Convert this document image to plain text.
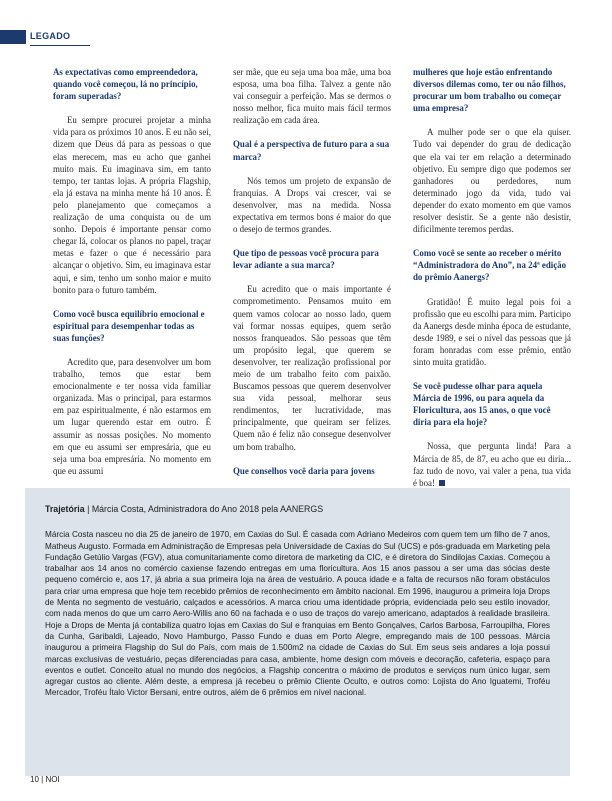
LEGADO

As expectativas como empreendedora, quando você começou, lá no princípio, foram superadas?

Eu sempre procurei projetar a minha vida para os próximos 10 anos. E eu não sei, dizem que Deus dá para as pessoas o que elas merecem, mas eu acho que ganhei muito mais. Eu imaginava sim, em tanto tempo, ter tantas lojas. A própria Flagship, ela já estava na minha mente há 10 anos. É pelo planejamento que começamos a realização de uma conquista ou de um sonho. Depois é importante pensar como chegar lá, colocar os planos no papel, traçar metas e fazer o que é necessário para alcançar o objetivo. Sim, eu imaginava estar aqui, e sim, tenho um sonho maior e muito bonito para o futuro também.

Como você busca equilíbrio emocional e espiritual para desempenhar todas as suas funções?

Acredito que, para desenvolver um bom trabalho, temos que estar bem emocionalmente e ter nossa vida familiar organizada. Mas o principal, para estarmos em paz espiritualmente, é não estarmos em um lugar querendo estar em outro. É assumir as nossas posições. No momento em que eu assumi ser empresária, que eu seja uma boa empresária. No momento em que eu assumi

ser mãe, que eu seja uma boa mãe, uma boa esposa, uma boa filha. Talvez a gente não vai conseguir a perfeição. Mas se dermos o nosso melhor, fica muito mais fácil termos realização em cada área.

Qual é a perspectiva de futuro para a sua marca?

Nós temos um projeto de expansão de franquias. A Drops vai crescer, vai se desenvolver, mas na medida. Nossa expectativa em termos bons é maior do que o desejo de termos grandes.

Que tipo de pessoas você procura para levar adiante a sua marca?

Eu acredito que o mais importante é comprometimento. Pensamos muito em quem vamos colocar ao nosso lado, quem vai formar nossas equipes, quem serão nossos franqueados. São pessoas que têm um propósito legal, que querem se desenvolver, ter realização profissional por meio de um trabalho feito com paixão. Buscamos pessoas que querem desenvolver sua vida pessoal, melhorar seus rendimentos, ter lucratividade, mas principalmente, que queiram ser felizes. Quem não é feliz não consegue desenvolver um bom trabalho.

Que conselhos você daria para jovens

mulheres que hoje estão enfrentando diversos dilemas como, ter ou não filhos, procurar um bom trabalho ou começar uma empresa?

A mulher pode ser o que ela quiser. Tudo vai depender do grau de dedicação que ela vai ter em relação a determinado objetivo. Eu sempre digo que podemos ser ganhadores ou perdedores, num determinado jogo da vida, tudo vai depender do exato momento em que vamos resolver desistir. Se a gente não desistir, dificilmente teremos perdas.

Como você se sente ao receber o mérito “Administradora do Ano”, na 24ª edição do prêmio Aanergs?

Gratidão! É muito legal pois foi a profissão que eu escolhi para mim. Participo da Aanergs desde minha época de estudante, desde 1989, e sei o nível das pessoas que já foram honradas com esse prêmio, então sinto muita gratidão.

Se você pudesse olhar para aquela Márcia de 1996, ou para aquela da Floricultura, aos 15 anos, o que você diria para ela hoje?

Nossa, que pergunta linda! Para a Márcia de 85, de 87, eu acho que eu diria... faz tudo de novo, vai valer a pena, tua vida é boa!

Trajetória | Márcia Costa, Administradora do Ano 2018 pela AANERGS
Márcia Costa nasceu no dia 25 de janeiro de 1970, em Caxias do Sul. É casada com Adriano Medeiros com quem tem um filho de 7 anos, Matheus Augusto. Formada em Administração de Empresas pela Universidade de Caxias do Sul (UCS) e pós-graduada em Marketing pela Fundação Getúlio Vargas (FGV), atua comunitariamente como diretora de marketing da CIC, e é diretora do Sindilojas Caxias. Começou a trabalhar aos 14 anos no comércio caxiense fazendo entregas em uma floricultura. Aos 15 anos passou a ser uma das sócias deste pequeno comércio e, aos 17, já abria a sua primeira loja na área de vestuário. A pouca idade e a falta de recursos não foram obstáculos para criar uma empresa que hoje tem recebido prêmios de reconhecimento em âmbito nacional. Em 1996, inaugurou a primeira loja Drops de Menta no segmento de vestuário, calçados e acessórios. A marca criou uma identidade própria, evidenciada pelo seu estilo inovador, com nada menos do que um carro Aero-Willis ano 60 na fachada e o uso de traços do varejo americano, adaptados à realidade brasileira. Hoje a Drops de Menta já contabiliza quatro lojas em Caxias do Sul e franquias em Bento Gonçalves, Carlos Barbosa, Farroupilha, Flores da Cunha, Garibaldi, Lajeado, Novo Hamburgo, Passo Fundo e duas em Porto Alegre, empregando mais de 100 pessoas. Márcia inaugurou a primeira Flagship do Sul do País, com mais de 1.500m2 na cidade de Caxias do Sul. Em seus seis andares a loja possui marcas exclusivas de vestuário, peças diferenciadas para casa, ambiente, home design com móveis e decoração, cafeteria, espaço para eventos e outlet. Conceito atual no mundo dos negócios, a Flagship concentra o máximo de produtos e serviços num único lugar, sem agregar custos ao cliente. Além deste, a empresa já recebeu o prêmio Cliente Oculto, e outros como: Lojista do Ano Iguatemi, Troféu Mercador, Troféu Ítalo Victor Bersani, entre outros, além de 6 prêmios em nível nacional.
10 | NOI
